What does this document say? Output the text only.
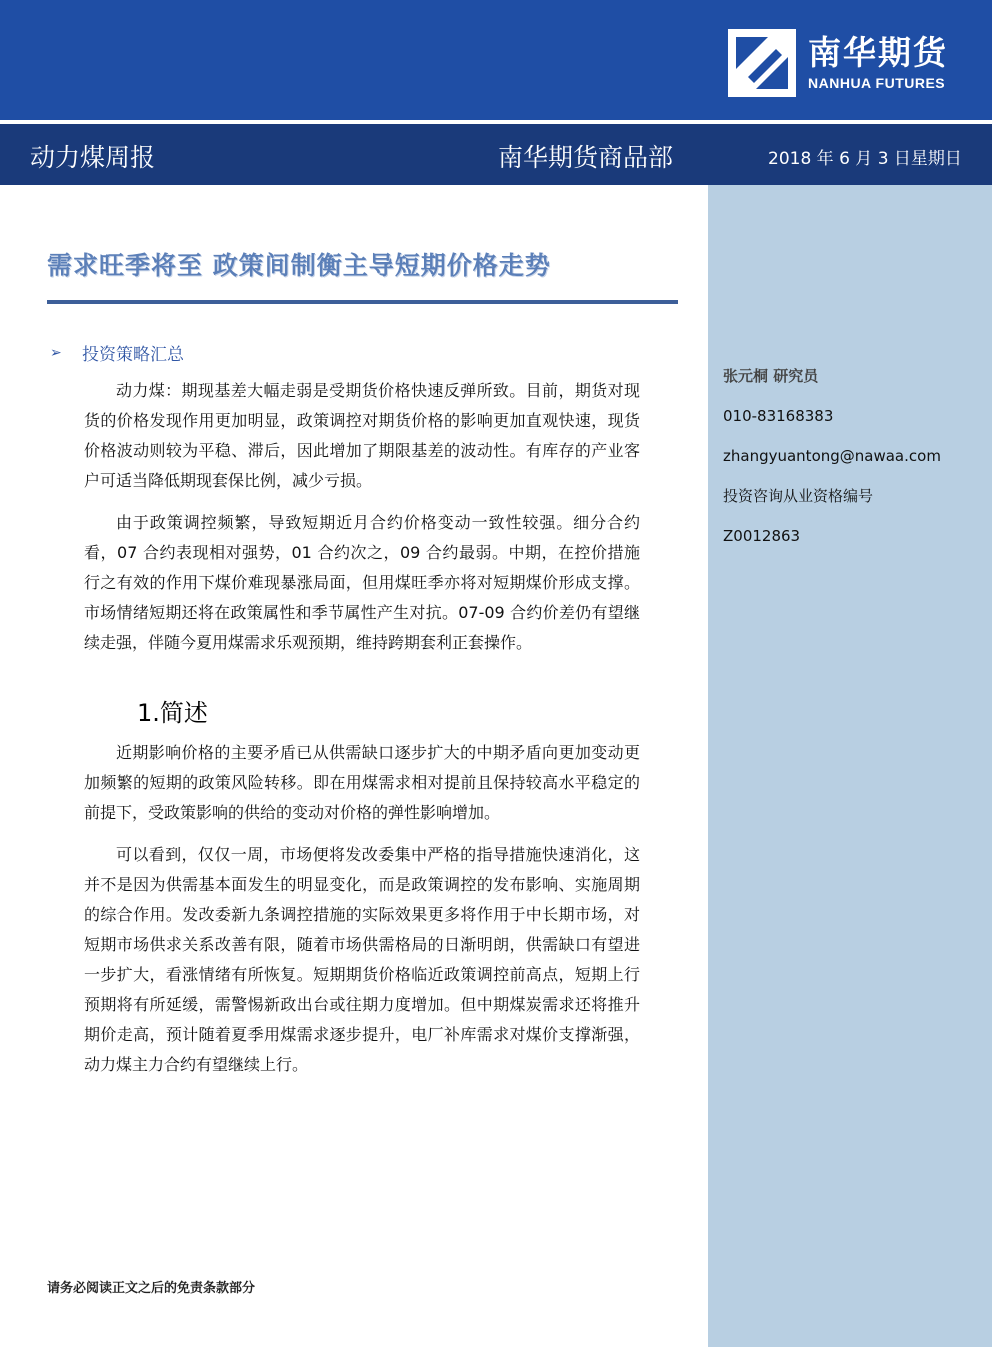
南华期货
NANHUA FUTURES
动力煤周报	南华期货商品部	2018 年 6 月 3 日星期日
张元桐 研究员
010-83168383
zhangyuantong@nawaa.com
投资咨询从业资格编号
Z0012863
需求旺季将至 政策间制衡主导短期价格走势
➢ 投资策略汇总
动力煤：期现基差大幅走弱是受期货价格快速反弹所致。目前，期货对现货的价格发现作用更加明显，政策调控对期货价格的影响更加直观快速，现货价格波动则较为平稳、滞后，因此增加了期限基差的波动性。有库存的产业客户可适当降低期现套保比例，减少亏损。
由于政策调控频繁，导致短期近月合约价格变动一致性较强。细分合约看，07 合约表现相对强势，01 合约次之，09 合约最弱。中期，在控价措施行之有效的作用下煤价难现暴涨局面，但用煤旺季亦将对短期煤价形成支撑。市场情绪短期还将在政策属性和季节属性产生对抗。07-09 合约价差仍有望继续走强，伴随今夏用煤需求乐观预期，维持跨期套利正套操作。
1.简述
近期影响价格的主要矛盾已从供需缺口逐步扩大的中期矛盾向更加变动更加频繁的短期的政策风险转移。即在用煤需求相对提前且保持较高水平稳定的前提下，受政策影响的供给的变动对价格的弹性影响增加。
可以看到，仅仅一周，市场便将发改委集中严格的指导措施快速消化，这并不是因为供需基本面发生的明显变化，而是政策调控的发布影响、实施周期的综合作用。发改委新九条调控措施的实际效果更多将作用于中长期市场，对短期市场供求关系改善有限，随着市场供需格局的日渐明朗，供需缺口有望进一步扩大，看涨情绪有所恢复。短期期货价格临近政策调控前高点，短期上行预期将有所延缓，需警惕新政出台或往期力度增加。但中期煤炭需求还将推升期价走高，预计随着夏季用煤需求逐步提升，电厂补库需求对煤价支撑渐强，动力煤主力合约有望继续上行。
请务必阅读正文之后的免责条款部分
